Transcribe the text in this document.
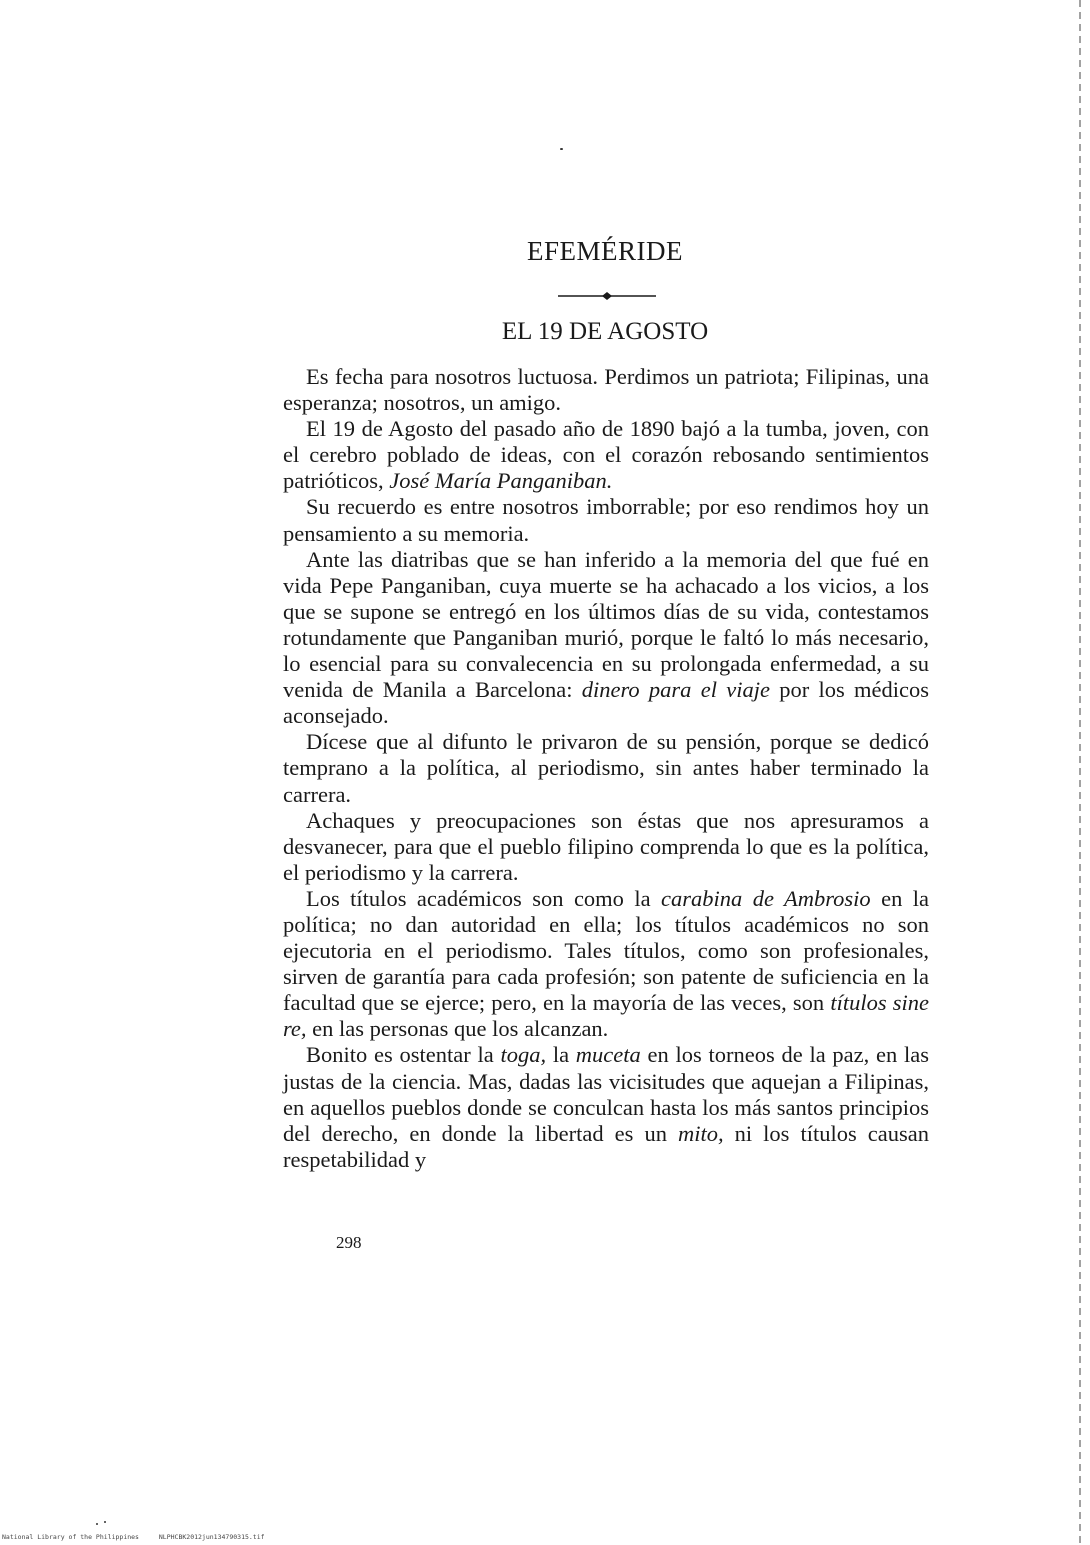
EFEMÉRIDE
EL 19 DE AGOSTO

Es fecha para nosotros luctuosa. Perdimos un patriota; Filipinas, una esperanza; nosotros, un amigo.

El 19 de Agosto del pasado año de 1890 bajó a la tumba, joven, con el cerebro poblado de ideas, con el corazón rebosando sentimientos patrióticos, José María Panganiban.

Su recuerdo es entre nosotros imborrable; por eso rendimos hoy un pensamiento a su memoria.

Ante las diatribas que se han inferido a la memoria del que fué en vida Pepe Panganiban, cuya muerte se ha achacado a los vicios, a los que se supone se entregó en los últimos días de su vida, contestamos rotundamente que Panganiban murió, porque le faltó lo más necesario, lo esencial para su convalecencia en su prolongada enfermedad, a su venida de Manila a Barcelona: dinero para el viaje por los médicos aconsejado.

Dícese que al difunto le privaron de su pensión, porque se dedicó temprano a la política, al periodismo, sin antes haber terminado la carrera.

Achaques y preocupaciones son éstas que nos apresuramos a desvanecer, para que el pueblo filipino comprenda lo que es la política, el periodismo y la carrera.

Los títulos académicos son como la carabina de Ambrosio en la política; no dan autoridad en ella; los títulos académicos no son ejecutoria en el periodismo. Tales títulos, como son profesionales, sirven de garantía para cada profesión; son patente de suficiencia en la facultad que se ejerce; pero, en la mayoría de las veces, son títulos sine re, en las personas que los alcanzan.

Bonito es ostentar la toga, la muceta en los torneos de la paz, en las justas de la ciencia. Mas, dadas las vicisitudes que aquejan a Filipinas, en aquellos pueblos donde se conculcan hasta los más santos principios del derecho, en donde la libertad es un mito, ni los títulos causan respetabilidad y

298
National Library of the Philippines	NLPHCBK2012jun134790315.tif
